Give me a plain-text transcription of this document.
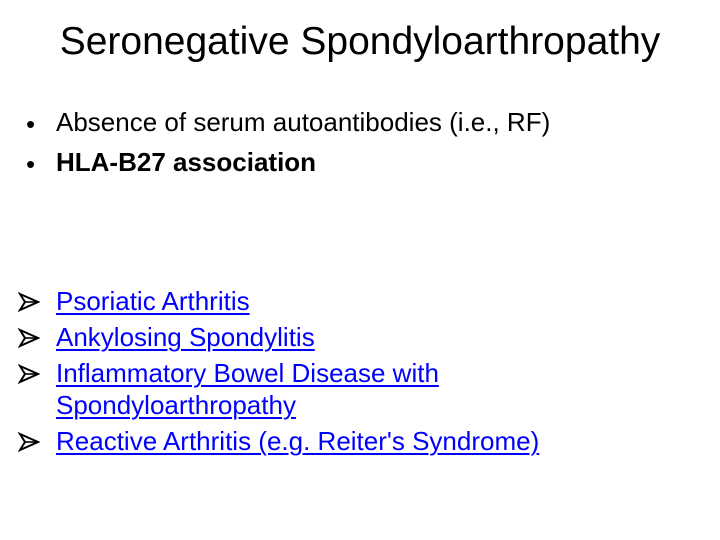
Seronegative Spondyloarthropathy
• Absence of serum autoantibodies (i.e., RF)
• HLA-B27 association
Psoriatic Arthritis
Ankylosing Spondylitis
Inflammatory Bowel Disease with Spondyloarthropathy
Reactive Arthritis (e.g. Reiter's Syndrome)
